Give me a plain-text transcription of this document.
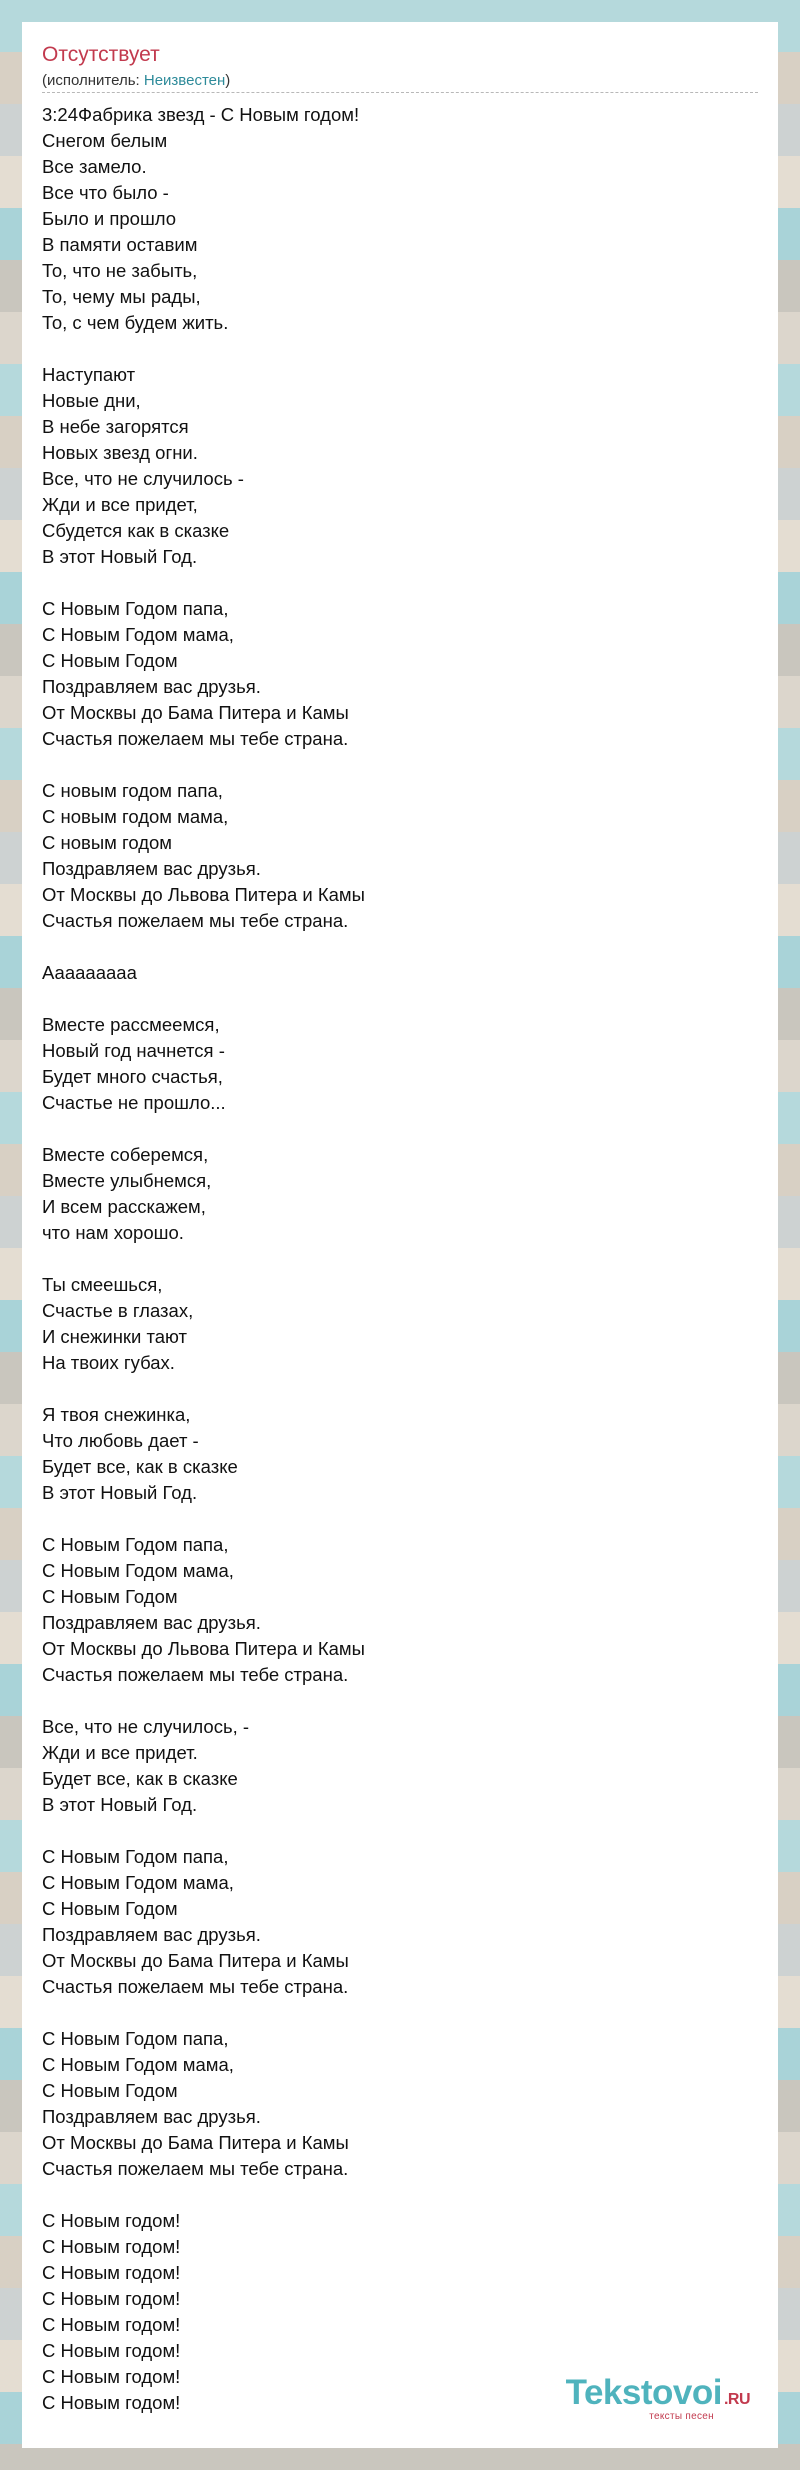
Отсутствует
(исполнитель: Неизвестен)
3:24Фабрика звезд - С Новым годом!
Снегом белым
Все замело.
Все что было -
Было и прошло
В памяти оставим
То, что не забыть,
То, чему мы рады,
То, с чем будем жить.
Наступают
Новые дни,
В небе загорятся
Новых звезд огни.
Все, что не случилось -
Жди и все придет,
Сбудется как в сказке
В этот Новый Год.
С Новым Годом папа,
С Новым Годом мама,
С Новым Годом
Поздравляем вас друзья.
От Москвы до Бама Питера и Камы
Счастья пожелаем мы тебе страна.
С новым годом папа,
С новым годом мама,
С новым годом
Поздравляем вас друзья.
От Москвы до Львова Питера и Камы
Счастья пожелаем мы тебе страна.
Ааааааааа
Вместе рассмеемся,
Новый год начнется -
Будет много счастья,
Счастье не прошло...
Вместе соберемся,
Вместе улыбнемся,
И всем расскажем,
что нам хорошо.
Ты смеешься,
Счастье в глазах,
И снежинки тают
На твоих губах.
Я твоя снежинка,
Что любовь дает -
Будет все, как в сказке
В этот Новый Год.
С Новым Годом папа,
С Новым Годом мама,
С Новым Годом
Поздравляем вас друзья.
От Москвы до Львова Питера и Камы
Счастья пожелаем мы тебе страна.
Все, что не случилось, -
Жди и все придет.
Будет все, как в сказке
В этот Новый Год.
С Новым Годом папа,
С Новым Годом мама,
С Новым Годом
Поздравляем вас друзья.
От Москвы до Бама Питера и Камы
Счастья пожелаем мы тебе страна.
С Новым Годом папа,
С Новым Годом мама,
С Новым Годом
Поздравляем вас друзья.
От Москвы до Бама Питера и Камы
Счастья пожелаем мы тебе страна.
С Новым годом!
С Новым годом!
С Новым годом!
С Новым годом!
С Новым годом!
С Новым годом!
С Новым годом!
С Новым годом!	Tekstovoi .RU
тексты песен
